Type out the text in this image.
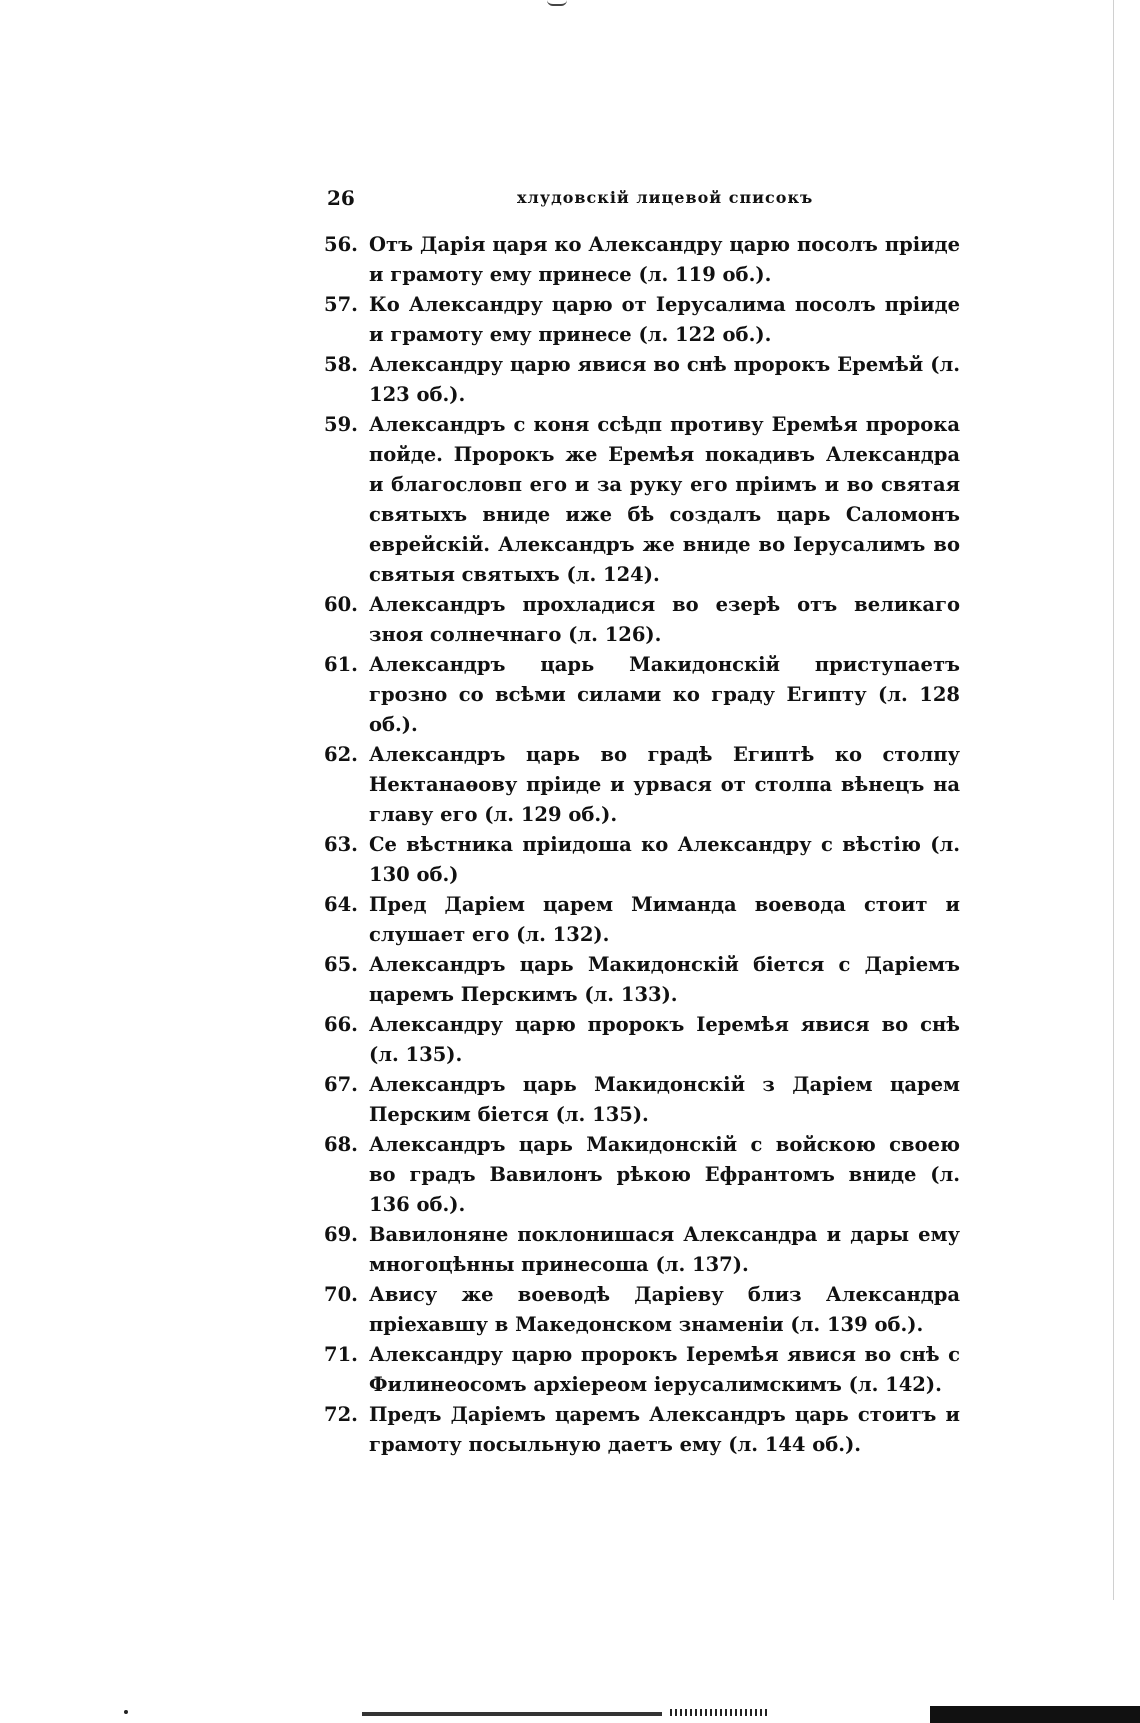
26	хлудовскій лицевой списокъ
56. Отъ Дарія царя ко Александру царю посолъ пріиде и грамоту ему принесе (л. 119 об.).
57. Ко Александру царю от Іерусалима посолъ пріиде и грамоту ему принесе (л. 122 об.).
58. Александру царю явися во снѣ пророкъ Еремѣй (л. 123 об.).
59. Александръ с коня ссѣдп противу Еремѣя пророка пойде. Пророкъ же Еремѣя покадивъ Александра и благословп его и за руку его пріимъ и во святая святыхъ вниде иже бѣ создалъ царь Саломонъ еврейскій. Александръ же вниде во Іерусалимъ во святыя святыхъ (л. 124).
60. Александръ прохладися во езерѣ отъ великаго зноя солнечнаго (л. 126).
61. Александръ царь Макидонскій приступаетъ грозно со всѣми силами ко граду Египту (л. 128 об.).
62. Александръ царь во градѣ Египтѣ ко столпу Нектанаѳову пріиде и урвася от столпа вѣнецъ на главу его (л. 129 об.).
63. Се вѣстника пріидоша ко Александру с вѣстію (л. 130 об.)
64. Пред Даріем царем Миманда воевода стоит и слушает его (л. 132).
65. Александръ царь Макидонскій біется с Даріемъ царемъ Перскимъ (л. 133).
66. Александру царю пророкъ Іеремѣя явися во снѣ (л. 135).
67. Александръ царь Макидонскій з Даріем царем Перским біется (л. 135).
68. Александръ царь Макидонскій с войскою своею во градъ Вавилонъ рѣкою Ефрантомъ вниде (л. 136 об.).
69. Вавилоняне поклонишася Александра и дары ему многоцѣнны принесоша (л. 137).
70. Авису же воеводѣ Даріеву близ Александра пріехавшу в Македонском знаменіи (л. 139 об.).
71. Александру царю пророкъ Іеремѣя явися во снѣ с Филинеосомъ архіереом іерусалимскимъ (л. 142).
72. Предъ Даріемъ царемъ Александръ царь стоитъ и грамоту посыльную даетъ ему (л. 144 об.).
